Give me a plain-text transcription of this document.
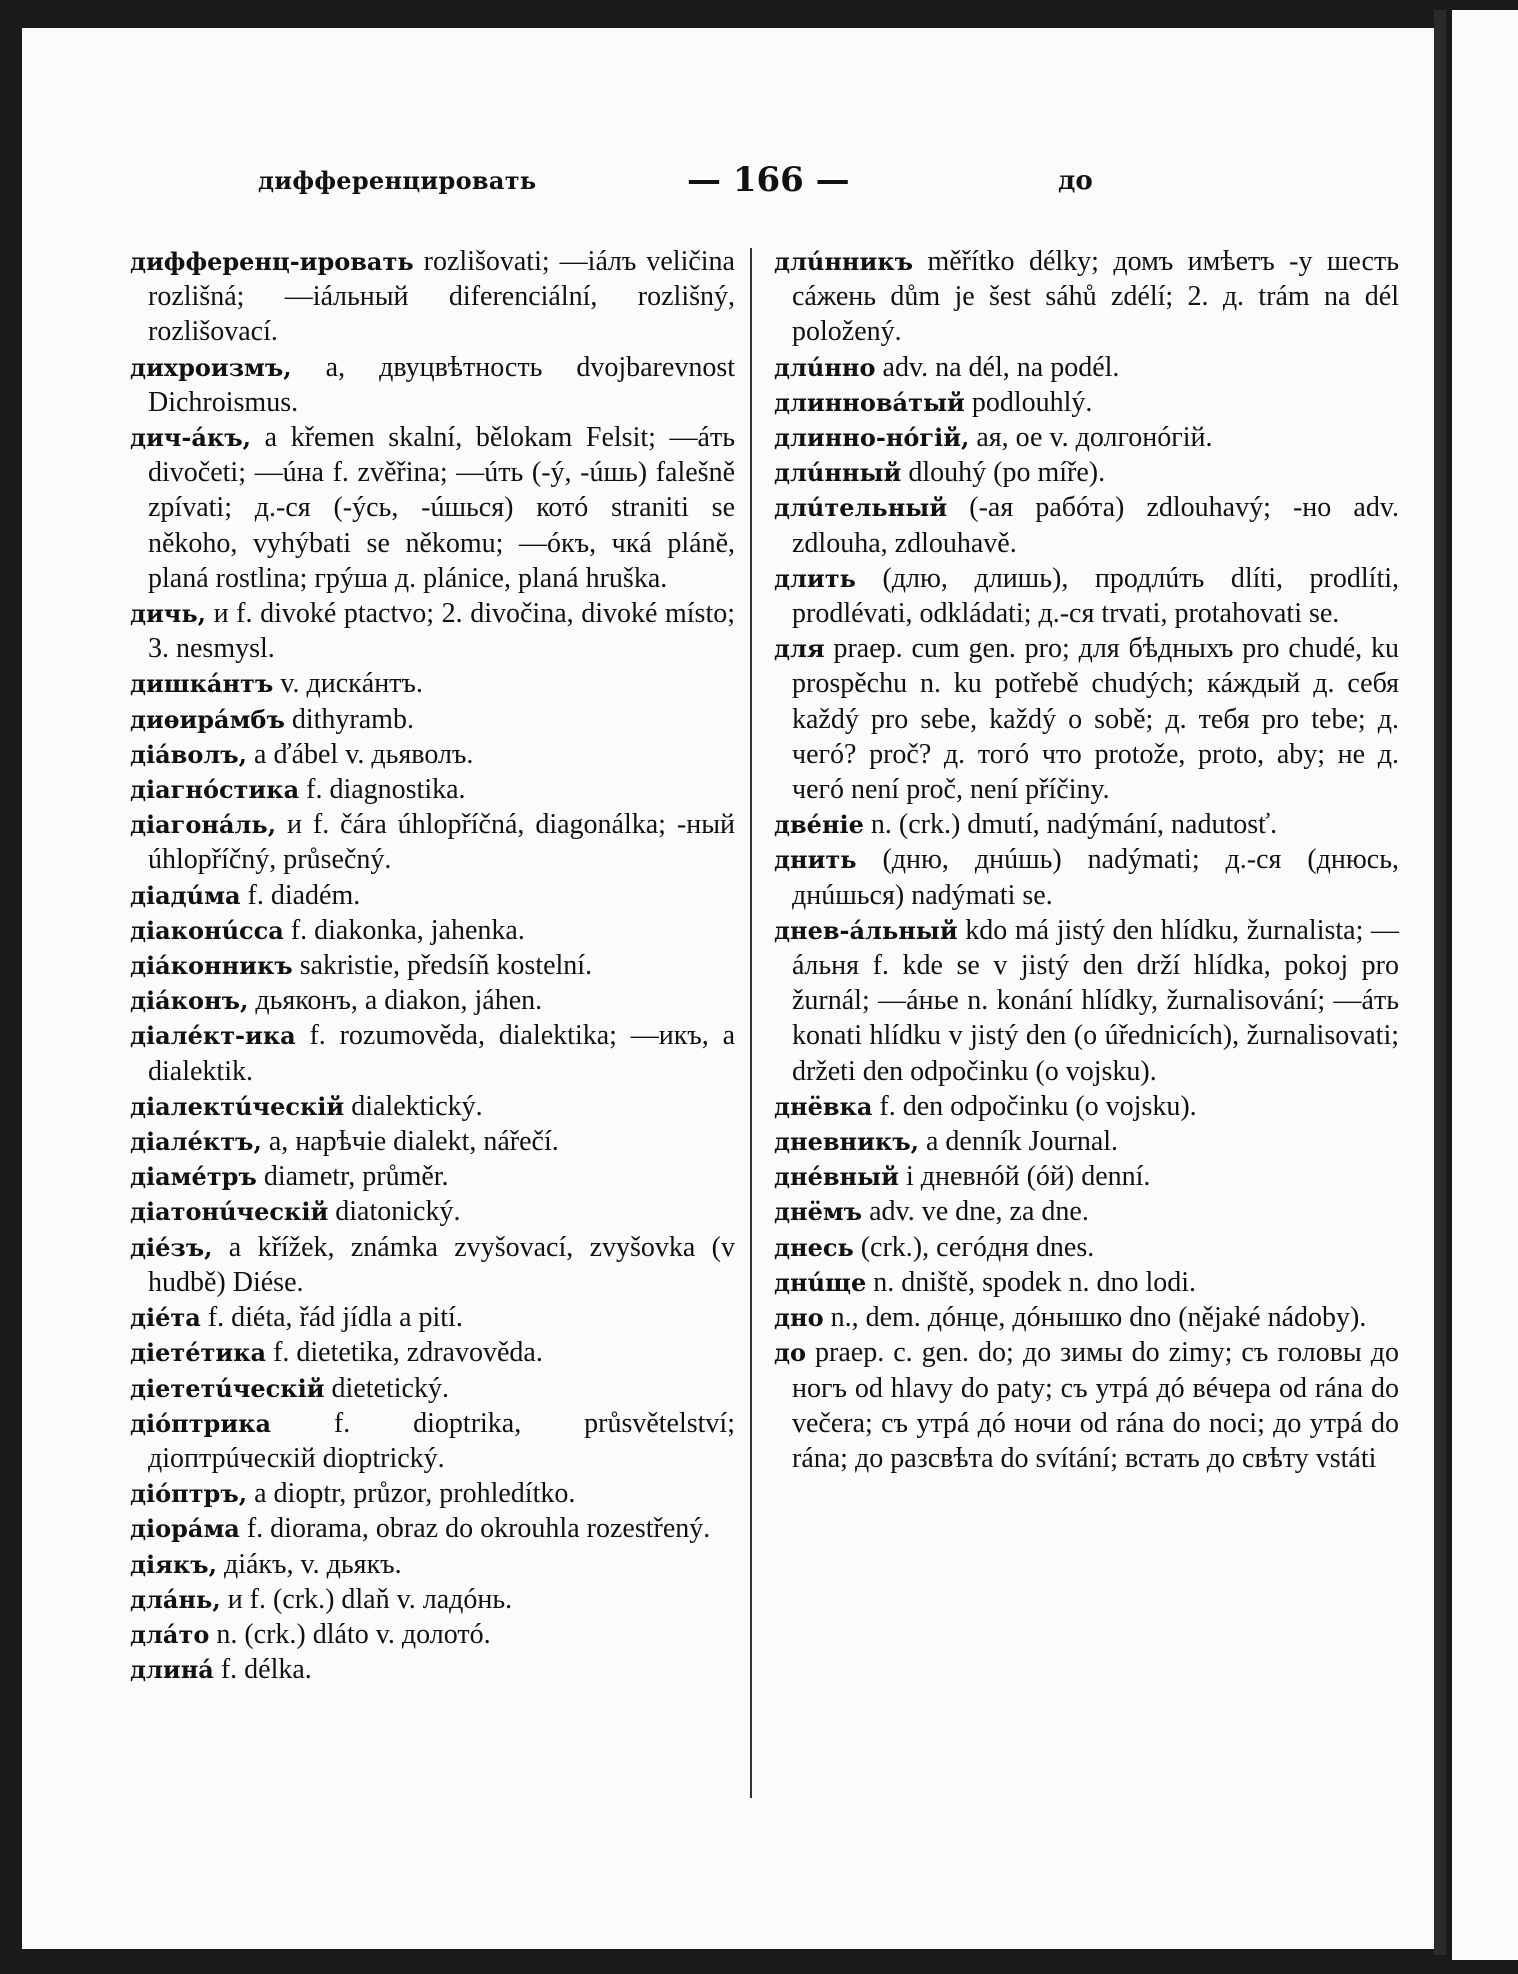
диффеpенцирoвaть	— 166 —	до

дифференц-ировать rozlišovati; —iáлъ veličina rozlišná; —iáльный diferenciální, rozlišný, rozlišovací.

дихроизмъ, a, двуцвѣтность dvojbarevnost Dichroismus.

дич-áкъ, a křemen skalní, bělokam Felsit; —áть divočeti; —úна f. zvěřina; —úть (-ý, -úшь) falešně zpívati; д.-ся (-ýсь, -úшься) котó straniti se někoho, vyhýbati se někomu; —óкъ, чкá plánĕ, planá rostlina; грýша д. plánice, planá hruška.

дичь, и f. divoké ptactvo; 2. divočina, divoké místo; 3. nesmysl.

дишкáнтъ v. дискáнтъ.

диѳирáмбъ dithyramb.

діáволъ, a ďábel v. дьяволъ.

діагнóстика f. diagnostika.

діагонáль, и f. čára úhlopříčná, diagonálka; -ный úhlopříčný, průsečný.

діадúма f. diadém.

діаконúсса f. diakonka, jahenka.

діáконникъ sakristie, předsíň kostelní.

діáконъ, дьяконъ, a diakon, jáhen.

діалéкт-ика f. rozumověda, dialektika; —икъ, a dialektik.

діалектúческій dialektický.

діалéктъ, a, нарѣчіе dialekt, nářečí.

діамéтръ diametr, průměr.

діатонúческій diatonický.

діéзъ, a křížek, známka zvyšovací, zvyšovka (v hudbě) Diése.

діéта f. diéta, řád jídla a pití.

діетéтика f. dietetika, zdravověda.

діететúческій dietetický.

діóптрика f. dioptrika, průsvětelství; діоптрúческій dioptrický.

діóптръ, a dioptr, průzor, prohledítko.

діорáма f. diorama, obraz do okrouhla rozestřený.

діякъ, діáкъ, v. дьякъ.

длáнь, и f. (crk.) dlaň v. ладóнь.

длáто n. (crk.) dláto v. долотó.

длинá f. délka.

длúнникъ měřítko délky; домъ имѣетъ -у шесть сáжень dům je šest sáhů zdélí; 2. д. trám na dél položený.

длúнно adv. na dél, na podél.

длинновáтый podlouhlý.

длинно-нóгій, ая, ое v. долгонóгій.

длúнный dlouhý (po míře).

длúтельный (-ая рабóта) zdlouhavý; -но adv. zdlouha, zdlouhavě.

длить (длю, длишь), продлúть dlíti, prodlíti, prodlévati, odkládati; д.-ся trvati, protahovati se.

для praep. cum gen. pro; для бѣдныхъ pro chudé, ku prospěchu n. ku potřebě chudých; кáждый д. себя každý pro sebe, každý o sobě; д. тебя pro tebe; д. чегó? proč? д. тогó что protože, proto, aby; не д. чегó není proč, není příčiny.

двéніе n. (crk.) dmutí, nadýmání, nadutosť.

днить (дню, днúшь) nadýmati; д.-ся (днюсь, днúшься) nadýmati se.

днев-áльный kdo má jistý den hlídku, žurnalista; —áльня f. kde se v jistý den drží hlídka, pokoj pro žurnál; —áнье n. konání hlídky, žurnalisování; —áть konati hlídku v jistý den (o úřednicích), žurnalisovati; držeti den odpočinku (o vojsku).

днёвка f. den odpočinku (o vojsku).

дневникъ, a denník Journal.

днéвный i дневнóй (óй) denní.

днёмъ adv. ve dne, za dne.

днесь (crk.), сегóдня dnes.

днúще n. dniště, spodek n. dno lodi.

дно n., dem. дóнце, дóнышко dno (nějaké nádoby).

до praep. c. gen. do; до зимы do zimy; съ головы до ногъ od hlavy do paty; съ утрá дó вéчера od rána do večera; съ утрá дó ночи od rána do noci; до утрá do rána; до разсвѣта do svítání; встать до свѣту vstáti
